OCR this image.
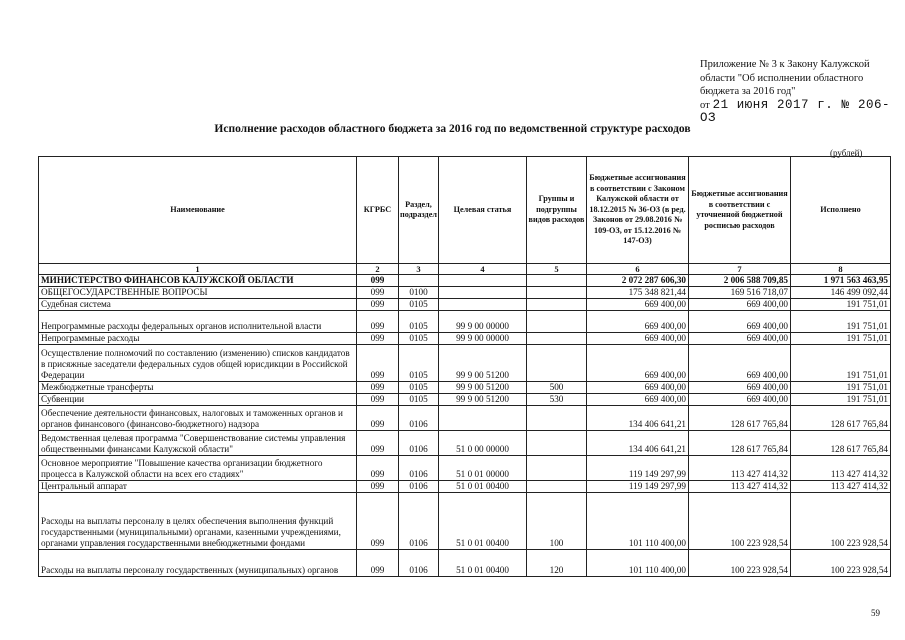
Приложение № 3 к Закону Калужской
области "Об исполнении областного
бюджета за 2016 год"
от 21 июня 2017 г. № 206-ОЗ
Исполнение расходов областного бюджета за 2016 год по ведомственной структуре расходов
(рублей)
Наименование	КГРБС	Раздел, подраздел	Целевая статья	Группы и подгруппы видов расходов	Бюджетные ассигнования в соответствии с Законом Калужской области от 18.12.2015 № 36-ОЗ (в ред. Законов от 29.08.2016 № 109-ОЗ, от 15.12.2016 № 147-ОЗ)	Бюджетные ассигнования в соответствии с уточненной бюджетной росписью расходов	Исполнено
1	2	3	4	5	6	7	8
МИНИСТЕРСТВО ФИНАНСОВ КАЛУЖСКОЙ ОБЛАСТИ	099				2 072 287 606,30	2 006 588 709,85	1 971 563 463,95
ОБЩЕГОСУДАРСТВЕННЫЕ ВОПРОСЫ	099	0100			175 348 821,44	169 516 718,07	146 499 092,44
Судебная система	099	0105			669 400,00	669 400,00	191 751,01
Непрограммные расходы федеральных органов исполнительной власти	099	0105	99 9 00 00000		669 400,00	669 400,00	191 751,01
Непрограммные расходы	099	0105	99 9 00 00000		669 400,00	669 400,00	191 751,01
Осуществление полномочий по составлению (изменению) списков кандидатов в присяжные заседатели федеральных судов общей юрисдикции в Российской Федерации	099	0105	99 9 00 51200		669 400,00	669 400,00	191 751,01
Межбюджетные трансферты	099	0105	99 9 00 51200	500	669 400,00	669 400,00	191 751,01
Субвенции	099	0105	99 9 00 51200	530	669 400,00	669 400,00	191 751,01
Обеспечение деятельности финансовых, налоговых и таможенных органов и органов финансового (финансово-бюджетного) надзора	099	0106			134 406 641,21	128 617 765,84	128 617 765,84
Ведомственная целевая программа "Совершенствование системы управления общественными финансами Калужской области"	099	0106	51 0 00 00000		134 406 641,21	128 617 765,84	128 617 765,84
Основное мероприятие "Повышение качества организации бюджетного процесса в Калужской области на всех его стадиях"	099	0106	51 0 01 00000		119 149 297,99	113 427 414,32	113 427 414,32
Центральный аппарат	099	0106	51 0 01 00400		119 149 297,99	113 427 414,32	113 427 414,32
Расходы на выплаты персоналу в целях обеспечения выполнения функций государственными (муниципальными) органами, казенными учреждениями, органами управления государственными внебюджетными фондами	099	0106	51 0 01 00400	100	101 110 400,00	100 223 928,54	100 223 928,54
Расходы на выплаты персоналу государственных (муниципальных) органов	099	0106	51 0 01 00400	120	101 110 400,00	100 223 928,54	100 223 928,54
59
